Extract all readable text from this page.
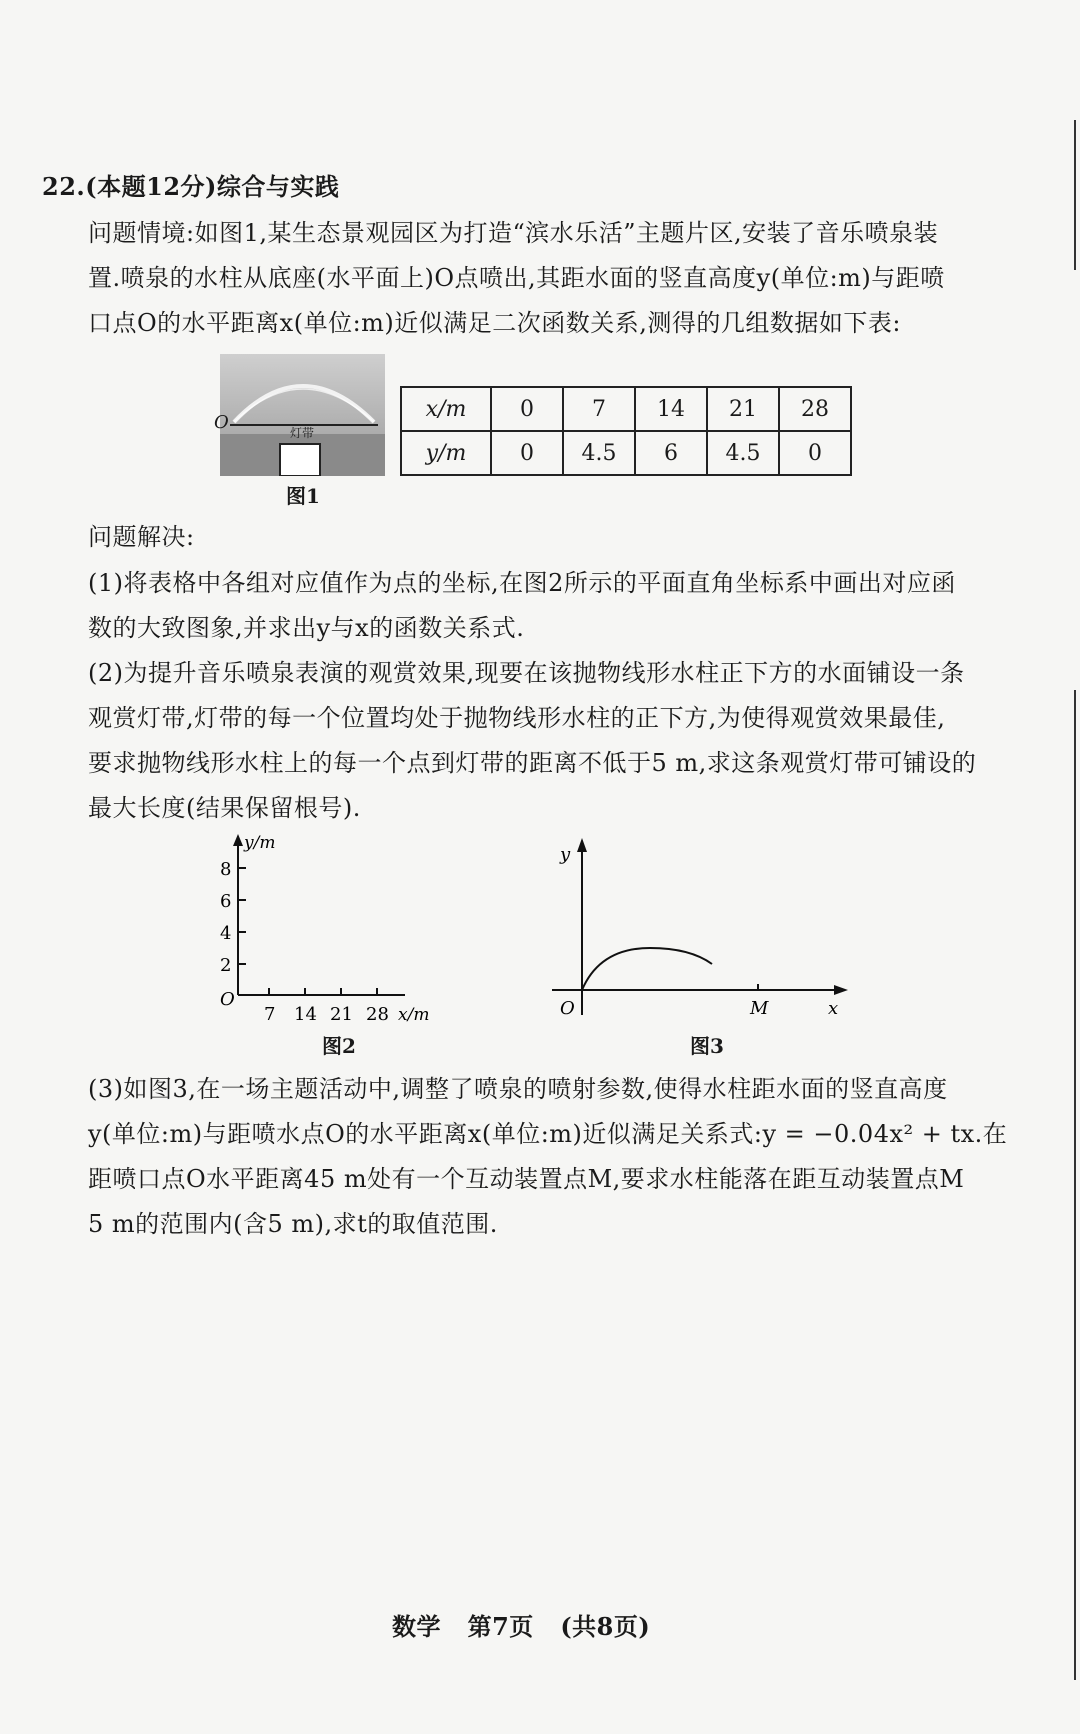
22.(本题12分)综合与实践
问题情境:如图1,某生态景观园区为打造“滨水乐活”主题片区,安装了音乐喷泉装
置.喷泉的水柱从底座(水平面上)O点喷出,其距水面的竖直高度y(单位:m)与距喷
口点O的水平距离x(单位:m)近似满足二次函数关系,测得的几组数据如下表:
O	灯带
图1
x/m	0	7	14	21	28
y/m	0	4.5	6	4.5	0
问题解决:
(1)将表格中各组对应值作为点的坐标,在图2所示的平面直角坐标系中画出对应函
数的大致图象,并求出y与x的函数关系式.
(2)为提升音乐喷泉表演的观赏效果,现要在该抛物线形水柱正下方的水面铺设一条
观赏灯带,灯带的每一个位置均处于抛物线形水柱的正下方,为使得观赏效果最佳,
要求抛物线形水柱上的每一个点到灯带的距离不低于5 m,求这条观赏灯带可铺设的
最大长度(结果保留根号).
y/m
8
6
4
2
O
7 14 21 28 x/m
图2
y
O	M	x
图3
(3)如图3,在一场主题活动中,调整了喷泉的喷射参数,使得水柱距水面的竖直高度
y(单位:m)与距喷水点O的水平距离x(单位:m)近似满足关系式:y = −0.04x² + tx.在
距喷口点O水平距离45 m处有一个互动装置点M,要求水柱能落在距互动装置点M
5 m的范围内(含5 m),求t的取值范围.
数学   第7页   (共8页)
